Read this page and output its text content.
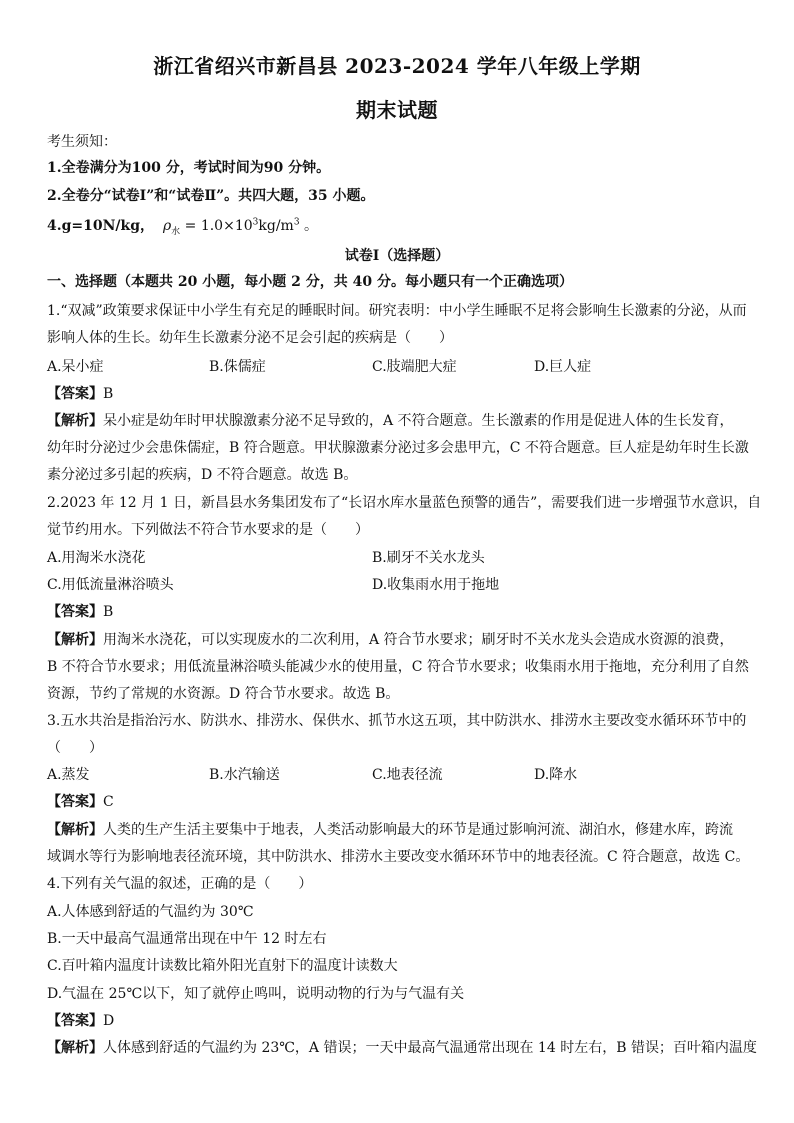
浙江省绍兴市新昌县 2023-2024 学年八年级上学期
期末试题
考生须知：
1.全卷满分为100 分，考试时间为90 分钟。
2.全卷分“试卷Ⅰ”和“试卷Ⅱ”。共四大题，35 小题。
4.g=10N/kg， $\rho_水 = 1.0\times 10^3kg/m^3$ 。
试卷Ⅰ（选择题）
一、选择题（本题共 20 小题，每小题 2 分，共 40 分。每小题只有一个正确选项）
1.“双减”政策要求保证中小学生有充足的睡眠时间。研究表明：中小学生睡眠不足将会影响生长激素的分泌，从而
影响人体的生长。幼年生长激素分泌不足会引起的疾病是（　　）
A.呆小症	B.侏儒症	C.肢端肥大症	D.巨人症
【答案】B
【解析】呆小症是幼年时甲状腺激素分泌不足导致的，A 不符合题意。生长激素的作用是促进人体的生长发育，
幼年时分泌过少会患侏儒症，B 符合题意。甲状腺激素分泌过多会患甲亢，C 不符合题意。巨人症是幼年时生长激
素分泌过多引起的疾病，D 不符合题意。故选 B。
2.2023 年 12 月 1 日，新昌县水务集团发布了“长诏水库水量蓝色预警的通告”，需要我们进一步增强节水意识，自
觉节约用水。下列做法不符合节水要求的是（　　）
A.用淘米水浇花	B.刷牙不关水龙头
C.用低流量淋浴喷头	D.收集雨水用于拖地
【答案】B
【解析】用淘米水浇花，可以实现废水的二次利用，A 符合节水要求；刷牙时不关水龙头会造成水资源的浪费，
B 不符合节水要求；用低流量淋浴喷头能减少水的使用量，C 符合节水要求；收集雨水用于拖地，充分利用了自然
资源，节约了常规的水资源。D 符合节水要求。故选 B。
3.五水共治是指治污水、防洪水、排涝水、保供水、抓节水这五项，其中防洪水、排涝水主要改变水循环环节中的
（　　）
A.蒸发	B.水汽输送	C.地表径流	D.降水
【答案】C
【解析】人类的生产生活主要集中于地表，人类活动影响最大的环节是通过影响河流、湖泊水，修建水库，跨流
域调水等行为影响地表径流环境，其中防洪水、排涝水主要改变水循环环节中的地表径流。C 符合题意，故选 C。
4.下列有关气温的叙述，正确的是（　　）
A.人体感到舒适的气温约为 30℃
B.一天中最高气温通常出现在中午 12 时左右
C.百叶箱内温度计读数比箱外阳光直射下的温度计读数大
D.气温在 25℃以下，知了就停止鸣叫，说明动物的行为与气温有关
【答案】D
【解析】人体感到舒适的气温约为 23℃，A 错误；一天中最高气温通常出现在 14 时左右，B 错误；百叶箱内温度
